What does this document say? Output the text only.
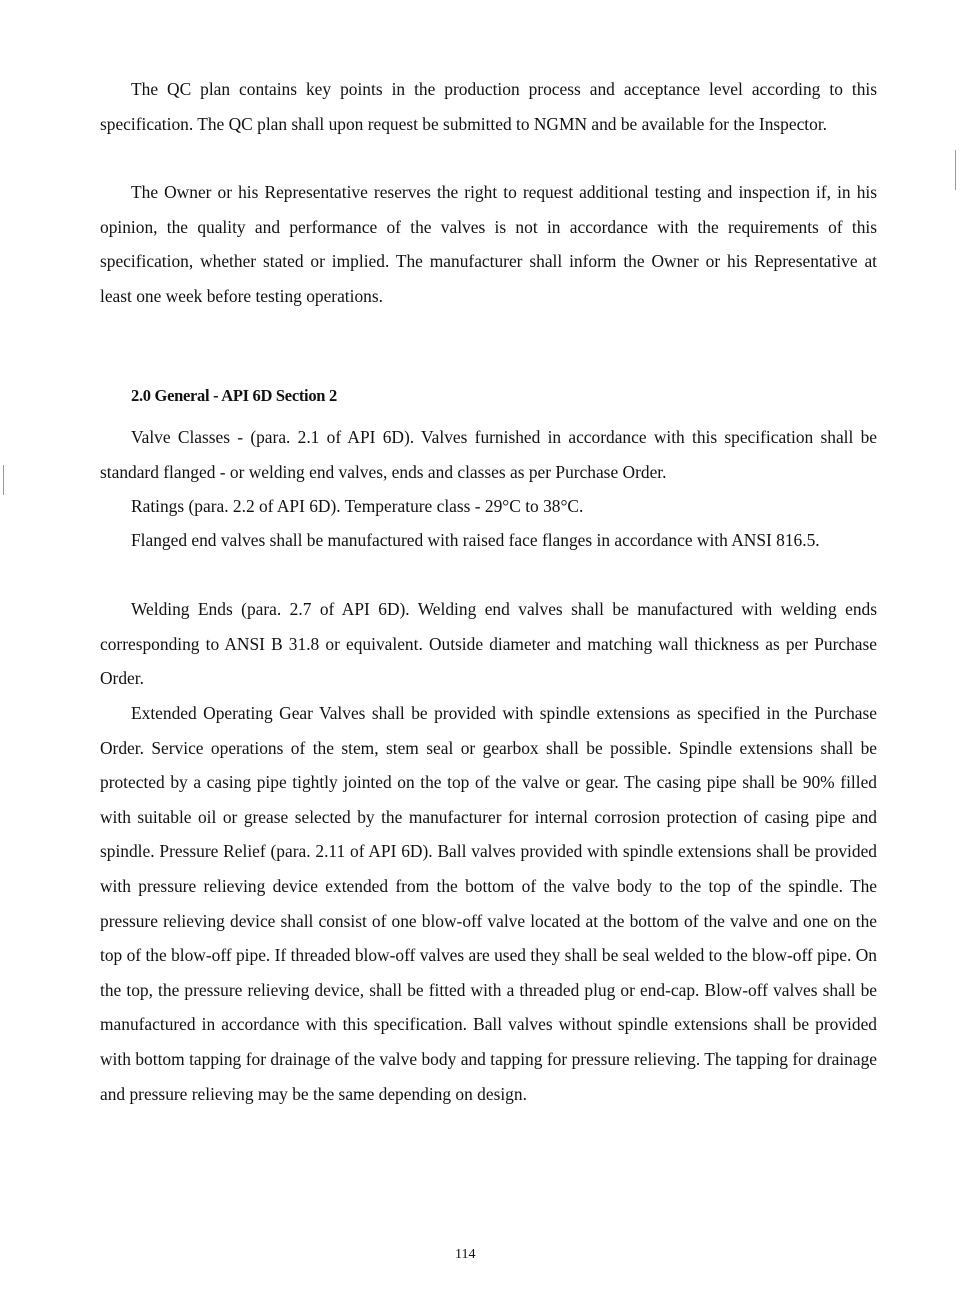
The QC plan contains key points in the production process and acceptance level according to this specification. The QC plan shall upon request be submitted to NGMN and be available for the Inspector.

The Owner or his Representative reserves the right to request additional testing and inspection if, in his opinion, the quality and performance of the valves is not in accordance with the requirements of this specification, whether stated or implied. The manufacturer shall inform the Owner or his Representative at least one week before testing operations.

2.0 General - API 6D Section 2

Valve Classes - (para. 2.1 of API 6D). Valves furnished in accordance with this specification shall be standard flanged - or welding end valves, ends and classes as per Purchase Order.

Ratings (para. 2.2 of API 6D). Temperature class - 29°C to 38°C.

Flanged end valves shall be manufactured with raised face flanges in accordance with ANSI 816.5.

Welding Ends (para. 2.7 of API 6D). Welding end valves shall be manufactured with welding ends corresponding to ANSI B 31.8 or equivalent. Outside diameter and matching wall thickness as per Purchase Order.

Extended Operating Gear Valves shall be provided with spindle extensions as specified in the Purchase Order. Service operations of the stem, stem seal or gearbox shall be possible. Spindle extensions shall be protected by a casing pipe tightly jointed on the top of the valve or gear. The casing pipe shall be 90% filled with suitable oil or grease selected by the manufacturer for internal corrosion protection of casing pipe and spindle. Pressure Relief (para. 2.11 of API 6D). Ball valves provided with spindle extensions shall be provided with pressure relieving device extended from the bottom of the valve body to the top of the spindle. The pressure relieving device shall consist of one blow-off valve located at the bottom of the valve and one on the top of the blow-off pipe. If threaded blow-off valves are used they shall be seal welded to the blow-off pipe. On the top, the pressure relieving device, shall be fitted with a threaded plug or end-cap. Blow-off valves shall be manufactured in accordance with this specification. Ball valves without spindle extensions shall be provided with bottom tapping for drainage of the valve body and tapping for pressure relieving. The tapping for drainage and pressure relieving may be the same depending on design.

114
